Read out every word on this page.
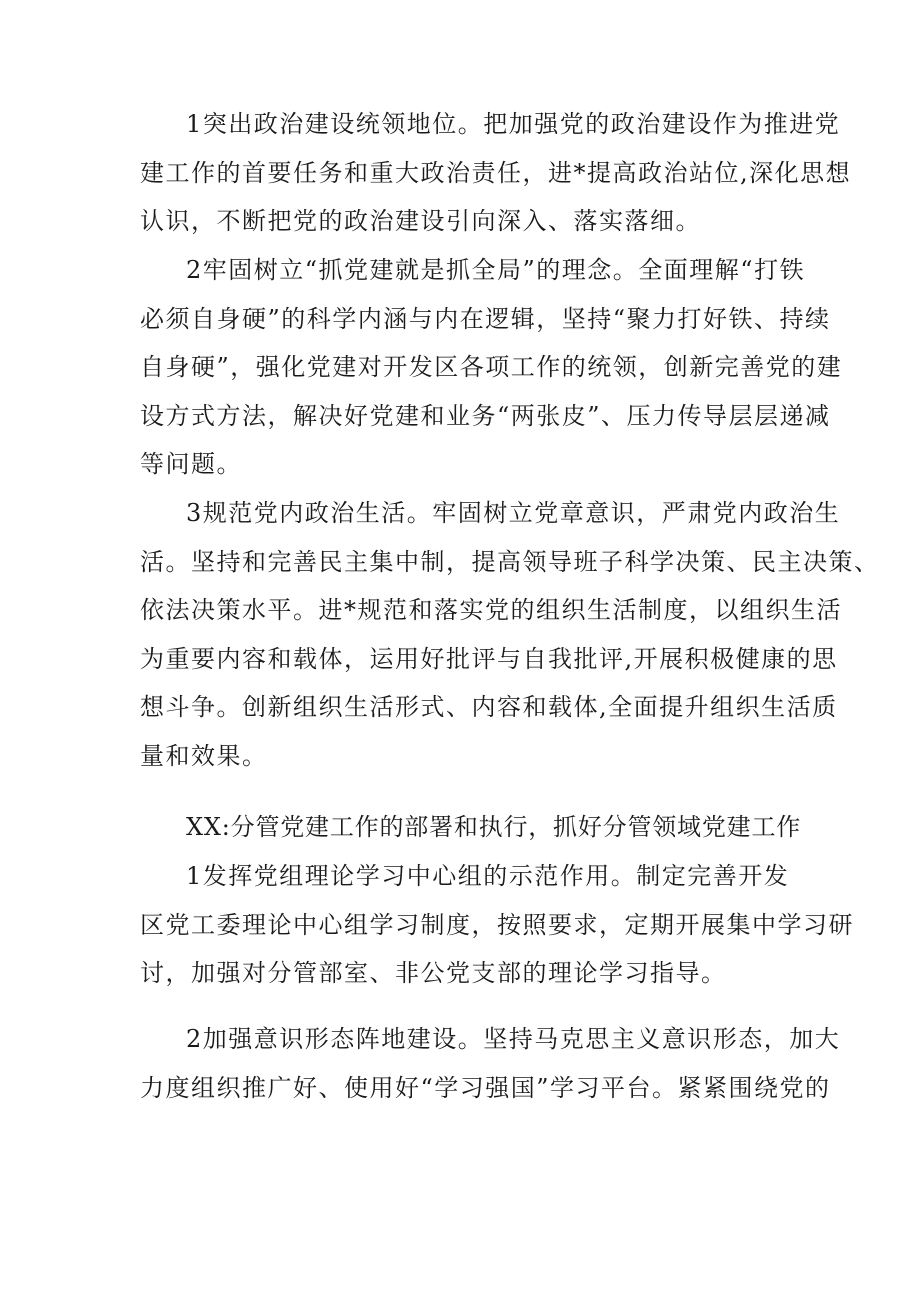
1突出政治建设统领地位。把加强党的政治建设作为推进党
建工作的首要任务和重大政治责任，进*提高政治站位,深化思想
认识，不断把党的政治建设引向深入、落实落细。

2牢固树立“抓党建就是抓全局”的理念。全面理解“打铁
必须自身硬”的科学内涵与内在逻辑，坚持“聚力打好铁、持续
自身硬”，强化党建对开发区各项工作的统领，创新完善党的建
设方式方法，解决好党建和业务“两张皮”、压力传导层层递减
等问题。

3规范党内政治生活。牢固树立党章意识，严肃党内政治生
活。坚持和完善民主集中制，提高领导班子科学决策、民主决策、
依法决策水平。进*规范和落实党的组织生活制度，以组织生活
为重要内容和载体，运用好批评与自我批评,开展积极健康的思
想斗争。创新组织生活形式、内容和载体,全面提升组织生活质
量和效果。

XX:分管党建工作的部署和执行，抓好分管领域党建工作

1发挥党组理论学习中心组的示范作用。制定完善开发
区党工委理论中心组学习制度，按照要求，定期开展集中学习研
讨，加强对分管部室、非公党支部的理论学习指导。

2加强意识形态阵地建设。坚持马克思主义意识形态，加大
力度组织推广好、使用好“学习强国”学习平台。紧紧围绕党的
